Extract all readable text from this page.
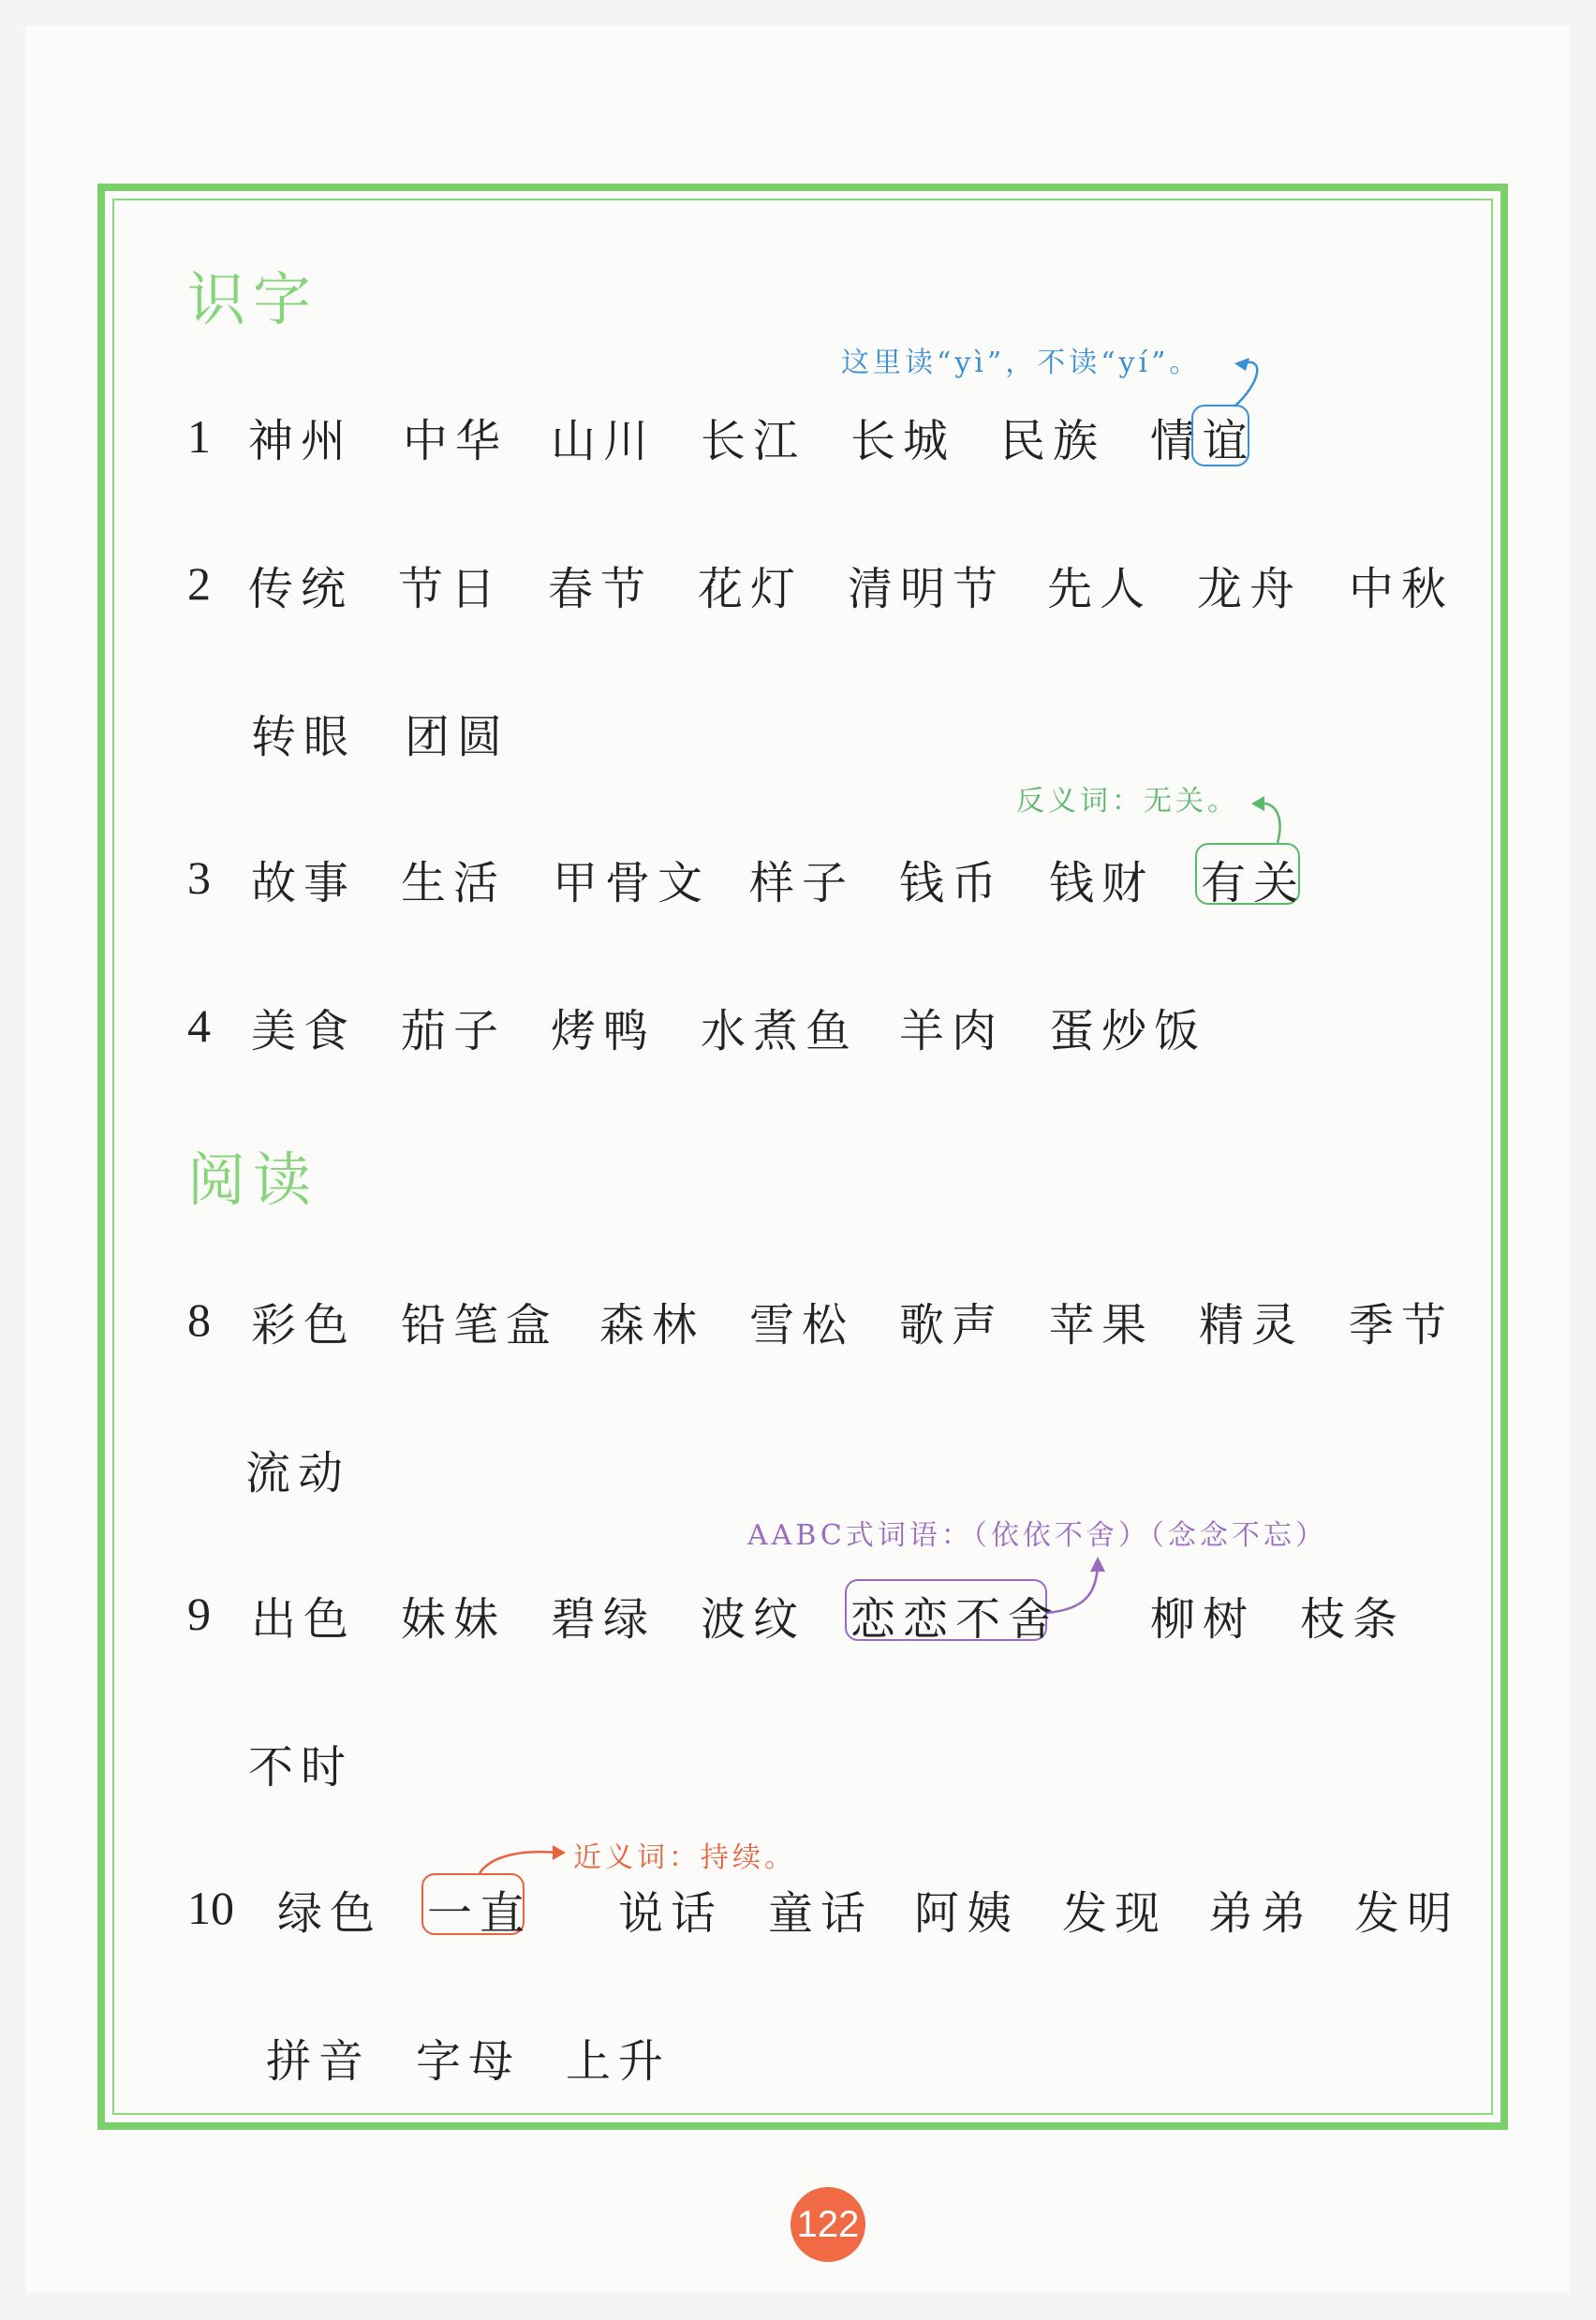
识字
阅读
1 神州 中华 山川 长江 长城 民族 情谊
这里读“yì”，不读“yí”。
2 传统 节日 春节 花灯 清明节 先人 龙舟 中秋
转眼 团圆
反义词：无关。
3 故事 生活 甲骨文 样子 钱币 钱财 有关
4 美食 茄子 烤鸭 水煮鱼 羊肉 蛋炒饭
8 彩色 铅笔盒 森林 雪松 歌声 苹果 精灵 季节
流动
AABC式词语：（依依不舍）（念念不忘）
9 出色 妹妹 碧绿 波纹 恋恋不舍 柳树 枝条
不时
近义词：持续。
10 绿色 一直 说话 童话 阿姨 发现 弟弟 发明
拼音 字母 上升
122
